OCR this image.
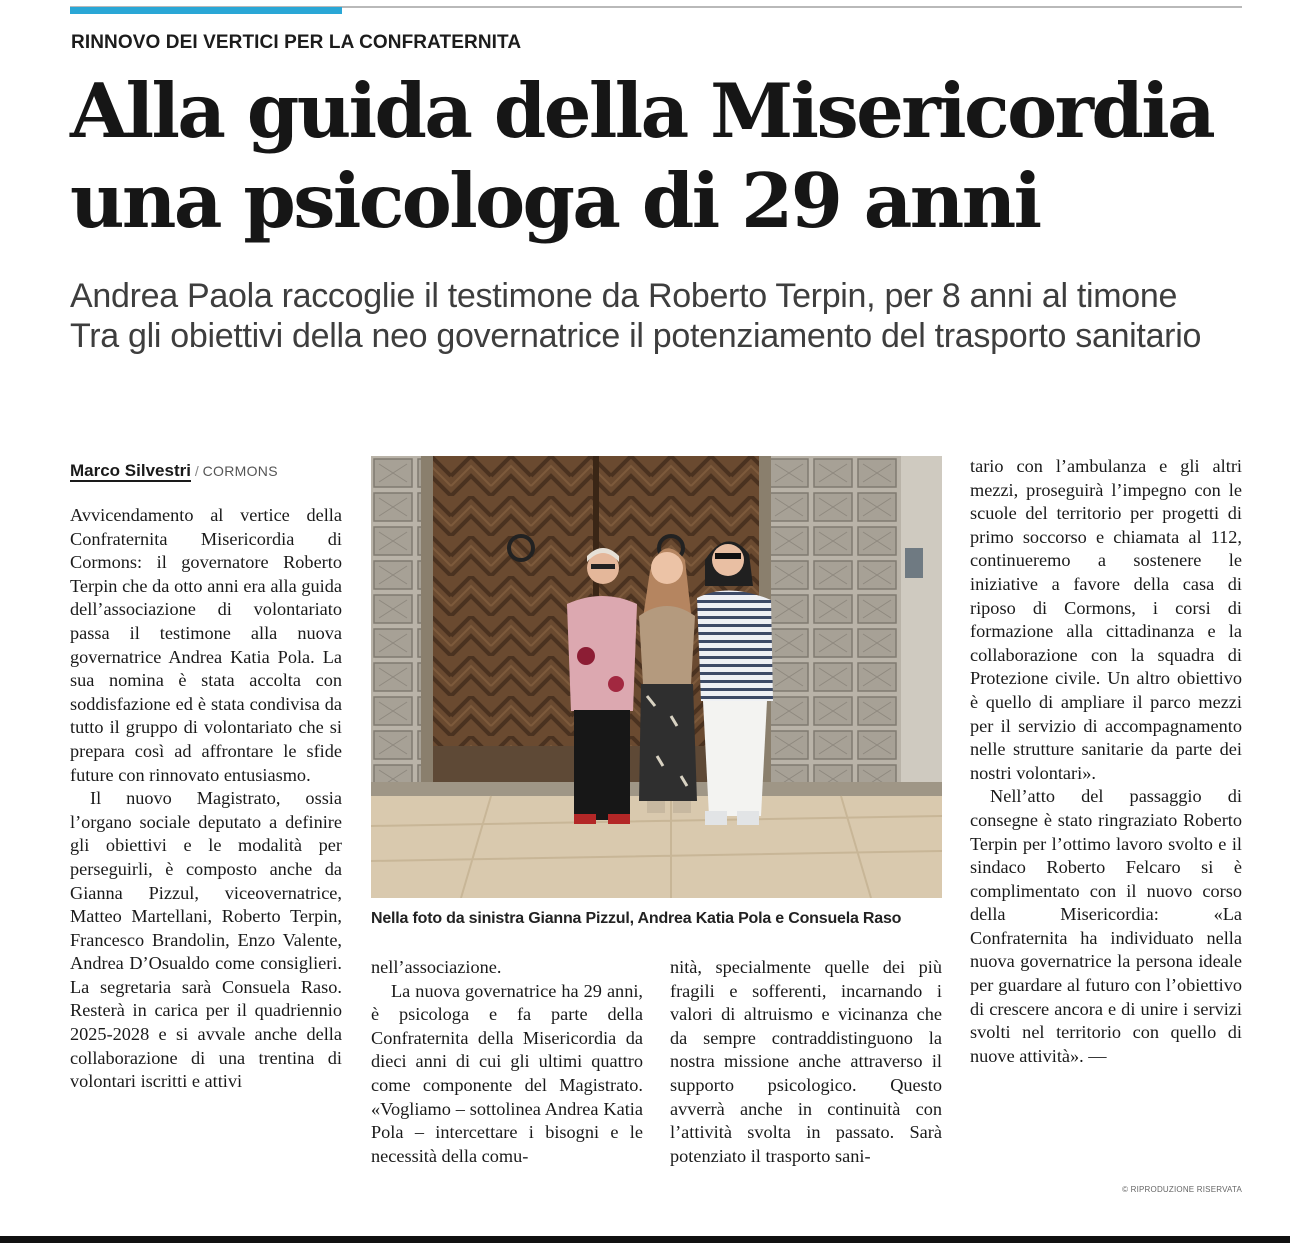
RINNOVO DEI VERTICI PER LA CONFRATERNITA
Alla guida della Misericordia
una psicologa di 29 anni
Andrea Paola raccoglie il testimone da Roberto Terpin, per 8 anni al timone
Tra gli obiettivi della neo governatrice il potenziamento del trasporto sanitario
Marco Silvestri / CORMONS

Avvicendamento al vertice della Confraternita Misericordia di Cormons: il governatore Roberto Terpin che da otto anni era alla guida dell’associazione di volontariato passa il testimone alla nuova governatrice Andrea Katia Pola. La sua nomina è stata accolta con soddisfazione ed è stata condivisa da tutto il gruppo di volontariato che si prepara così ad affrontare le sfide future con rinnovato entusiasmo.

Il nuovo Magistrato, ossia l’organo sociale deputato a definire gli obiettivi e le modalità per perseguirli, è composto anche da Gianna Pizzul, viceovernatrice, Matteo Martellani, Roberto Terpin, Francesco Brandolin, Enzo Valente, Andrea D’Osualdo come consiglieri. La segretaria sarà Consuela Raso. Resterà in carica per il quadriennio 2025-2028 e si avvale anche della collaborazione di una trentina di volontari iscritti e attivi

Nella foto da sinistra Gianna Pizzul, Andrea Katia Pola e Consuela Raso

nell’associazione.

La nuova governatrice ha 29 anni, è psicologa e fa parte della Confraternita della Misericordia da dieci anni di cui gli ultimi quattro come componente del Magistrato. «Vogliamo – sottolinea Andrea Katia Pola – intercettare i bisogni e le necessità della comu-

nità, specialmente quelle dei più fragili e sofferenti, incarnando i valori di altruismo e vicinanza che da sempre contraddistinguono la nostra missione anche attraverso il supporto psicologico. Questo avverrà anche in continuità con l’attività svolta in passato. Sarà potenziato il trasporto sani-

tario con l’ambulanza e gli altri mezzi, proseguirà l’impegno con le scuole del territorio per progetti di primo soccorso e chiamata al 112, continueremo a sostenere le iniziative a favore della casa di riposo di Cormons, i corsi di formazione alla cittadinanza e la collaborazione con la squadra di Protezione civile. Un altro obiettivo è quello di ampliare il parco mezzi per il servizio di accompagnamento nelle strutture sanitarie da parte dei nostri volontari».

Nell’atto del passaggio di consegne è stato ringraziato Roberto Terpin per l’ottimo lavoro svolto e il sindaco Roberto Felcaro si è complimentato con il nuovo corso della Misericordia: «La Confraternita ha individuato nella nuova governatrice la persona ideale per guardare al futuro con l’obiettivo di crescere ancora e di unire i servizi svolti nel territorio con quello di nuove attività». —

© RIPRODUZIONE RISERVATA
